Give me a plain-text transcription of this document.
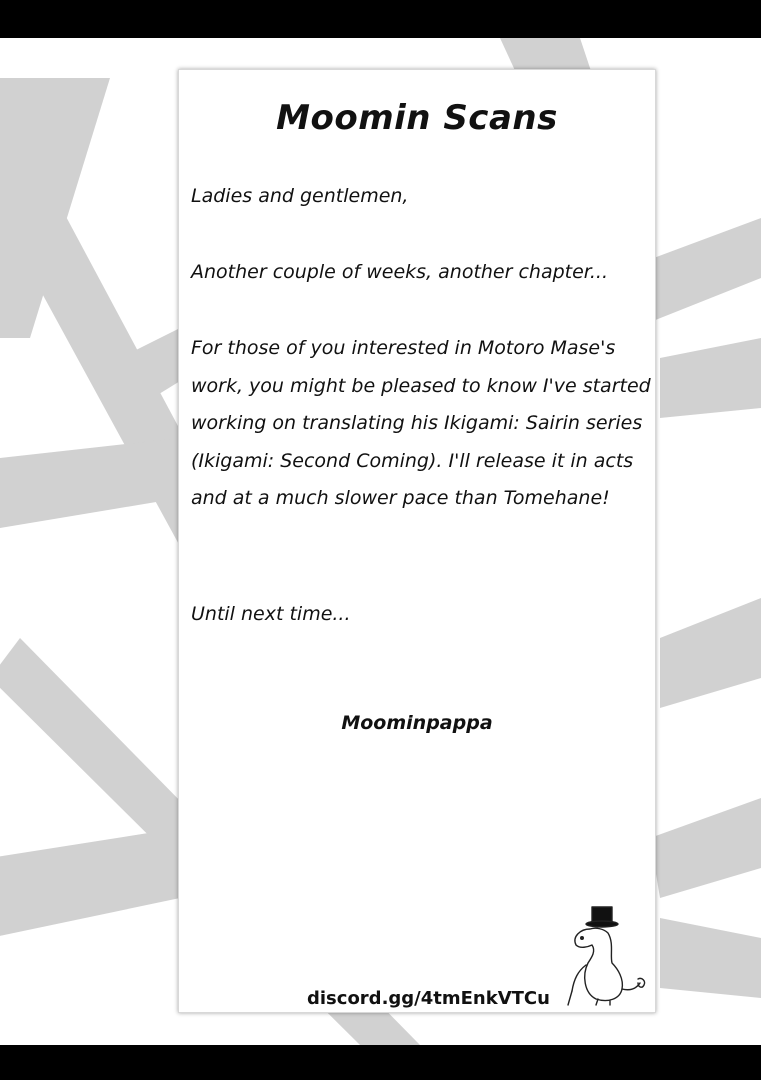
Moomin Scans

Ladies and gentlemen,

Another couple of weeks, another chapter...

For those of you interested in Motoro Mase's work, you might be pleased to know I've started working on translating his Ikigami: Sairin series (Ikigami: Second Coming). I'll release it in acts and at a much slower pace than Tomehane!

Until next time...

Moominpappa
discord.gg/4tmEnkVTCu
